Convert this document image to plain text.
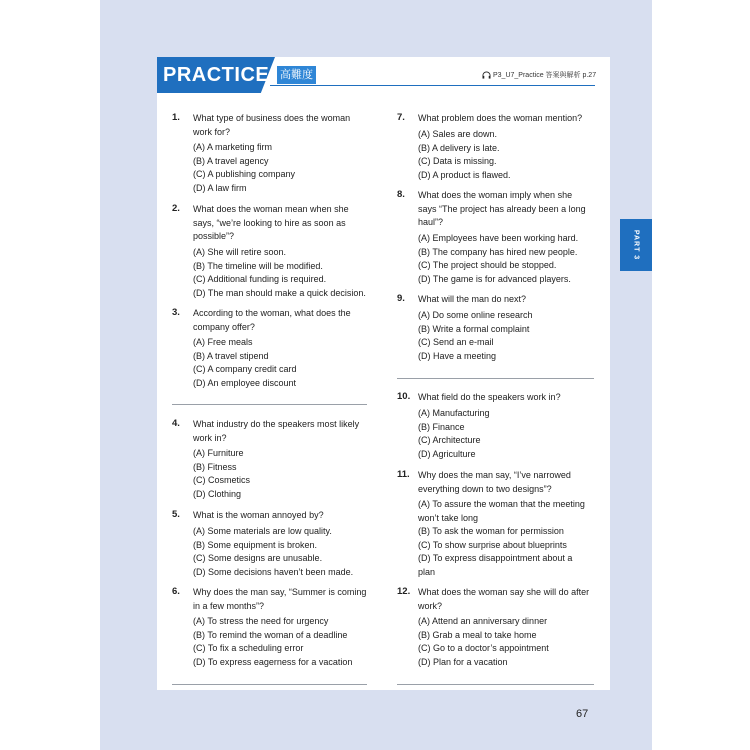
PRACTICE 高難度	P3_U7_Practice 答案與解析 p.27
PART 3
1. What type of business does the woman work for?
(A) A marketing firm
(B) A travel agency
(C) A publishing company
(D) A law firm
2. What does the woman mean when she says, “we’re looking to hire as soon as possible”?
(A) She will retire soon.
(B) The timeline will be modified.
(C) Additional funding is required.
(D) The man should make a quick decision.
3. According to the woman, what does the company offer?
(A) Free meals
(B) A travel stipend
(C) A company credit card
(D) An employee discount
4. What industry do the speakers most likely work in?
(A) Furniture
(B) Fitness
(C) Cosmetics
(D) Clothing
5. What is the woman annoyed by?
(A) Some materials are low quality.
(B) Some equipment is broken.
(C) Some designs are unusable.
(D) Some decisions haven’t been made.
6. Why does the man say, “Summer is coming in a few months”?
(A) To stress the need for urgency
(B) To remind the woman of a deadline
(C) To fix a scheduling error
(D) To express eagerness for a vacation
7. What problem does the woman mention?
(A) Sales are down.
(B) A delivery is late.
(C) Data is missing.
(D) A product is flawed.
8. What does the woman imply when she says “The project has already been a long haul”?
(A) Employees have been working hard.
(B) The company has hired new people.
(C) The project should be stopped.
(D) The game is for advanced players.
9. What will the man do next?
(A) Do some online research
(B) Write a formal complaint
(C) Send an e-mail
(D) Have a meeting
10. What field do the speakers work in?
(A) Manufacturing
(B) Finance
(C) Architecture
(D) Agriculture
11. Why does the man say, “I’ve narrowed everything down to two designs”?
(A) To assure the woman that the meeting won’t take long
(B) To ask the woman for permission
(C) To show surprise about blueprints
(D) To express disappointment about a plan
12. What does the woman say she will do after work?
(A) Attend an anniversary dinner
(B) Grab a meal to take home
(C) Go to a doctor’s appointment
(D) Plan for a vacation
67
